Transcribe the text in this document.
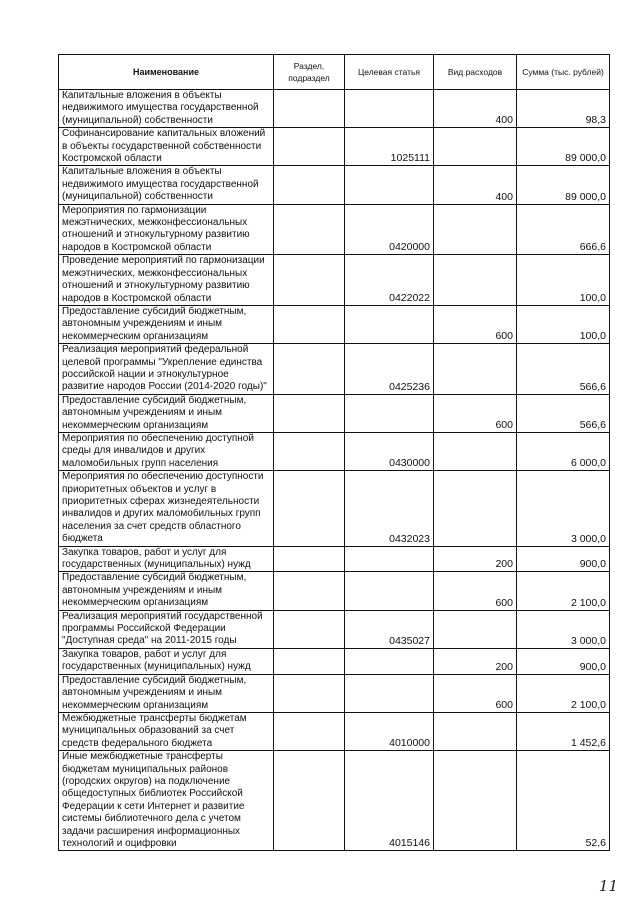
Наименование	Раздел, подраздел	Целевая статья	Вид расходов	Сумма (тыс. рублей)
Капитальные вложения в объекты недвижимого имущества государственной (муниципальной) собственности			400	98,3
Софинансирование капитальных вложений в объекты государственной собственности Костромской области		1025111		89 000,0
Капитальные вложения в объекты недвижимого имущества государственной (муниципальной) собственности			400	89 000,0
Мероприятия по гармонизации межэтнических, межконфессиональных отношений и этнокультурному развитию народов в Костромской области		0420000		666,6
Проведение мероприятий по гармонизации межэтнических, межконфессиональных отношений и этнокультурному развитию народов в Костромской области		0422022		100,0
Предоставление субсидий бюджетным, автономным учреждениям и иным некоммерческим организациям			600	100,0
Реализация мероприятий федеральной целевой программы "Укрепление единства российской нации и этнокультурное развитие народов России (2014-2020 годы)"		0425236		566,6
Предоставление субсидий бюджетным, автономным учреждениям и иным некоммерческим организациям			600	566,6
Мероприятия по обеспечению доступной среды для инвалидов и других маломобильных групп населения		0430000		6 000,0
Мероприятия по обеспечению доступности приоритетных объектов и услуг в приоритетных сферах жизнедеятельности инвалидов и других маломобильных групп населения за счет средств областного бюджета		0432023		3 000,0
Закупка товаров, работ и услуг для государственных (муниципальных) нужд			200	900,0
Предоставление субсидий бюджетным, автономным учреждениям и иным некоммерческим организациям			600	2 100,0
Реализация мероприятий государственной программы Российской Федерации "Доступная среда" на 2011-2015 годы		0435027		3 000,0
Закупка товаров, работ и услуг для государственных (муниципальных) нужд			200	900,0
Предоставление субсидий бюджетным, автономным учреждениям и иным некоммерческим организациям			600	2 100,0
Межбюджетные трансферты бюджетам муниципальных образований за счет средств федерального бюджета		4010000		1 452,6
Иные межбюджетные трансферты бюджетам муниципальных районов (городских округов) на подключение общедоступных библиотек Российской Федерации к сети Интернет и развитие системы библиотечного дела с учетом задачи расширения информационных технологий и оцифровки		4015146		52,6
11
